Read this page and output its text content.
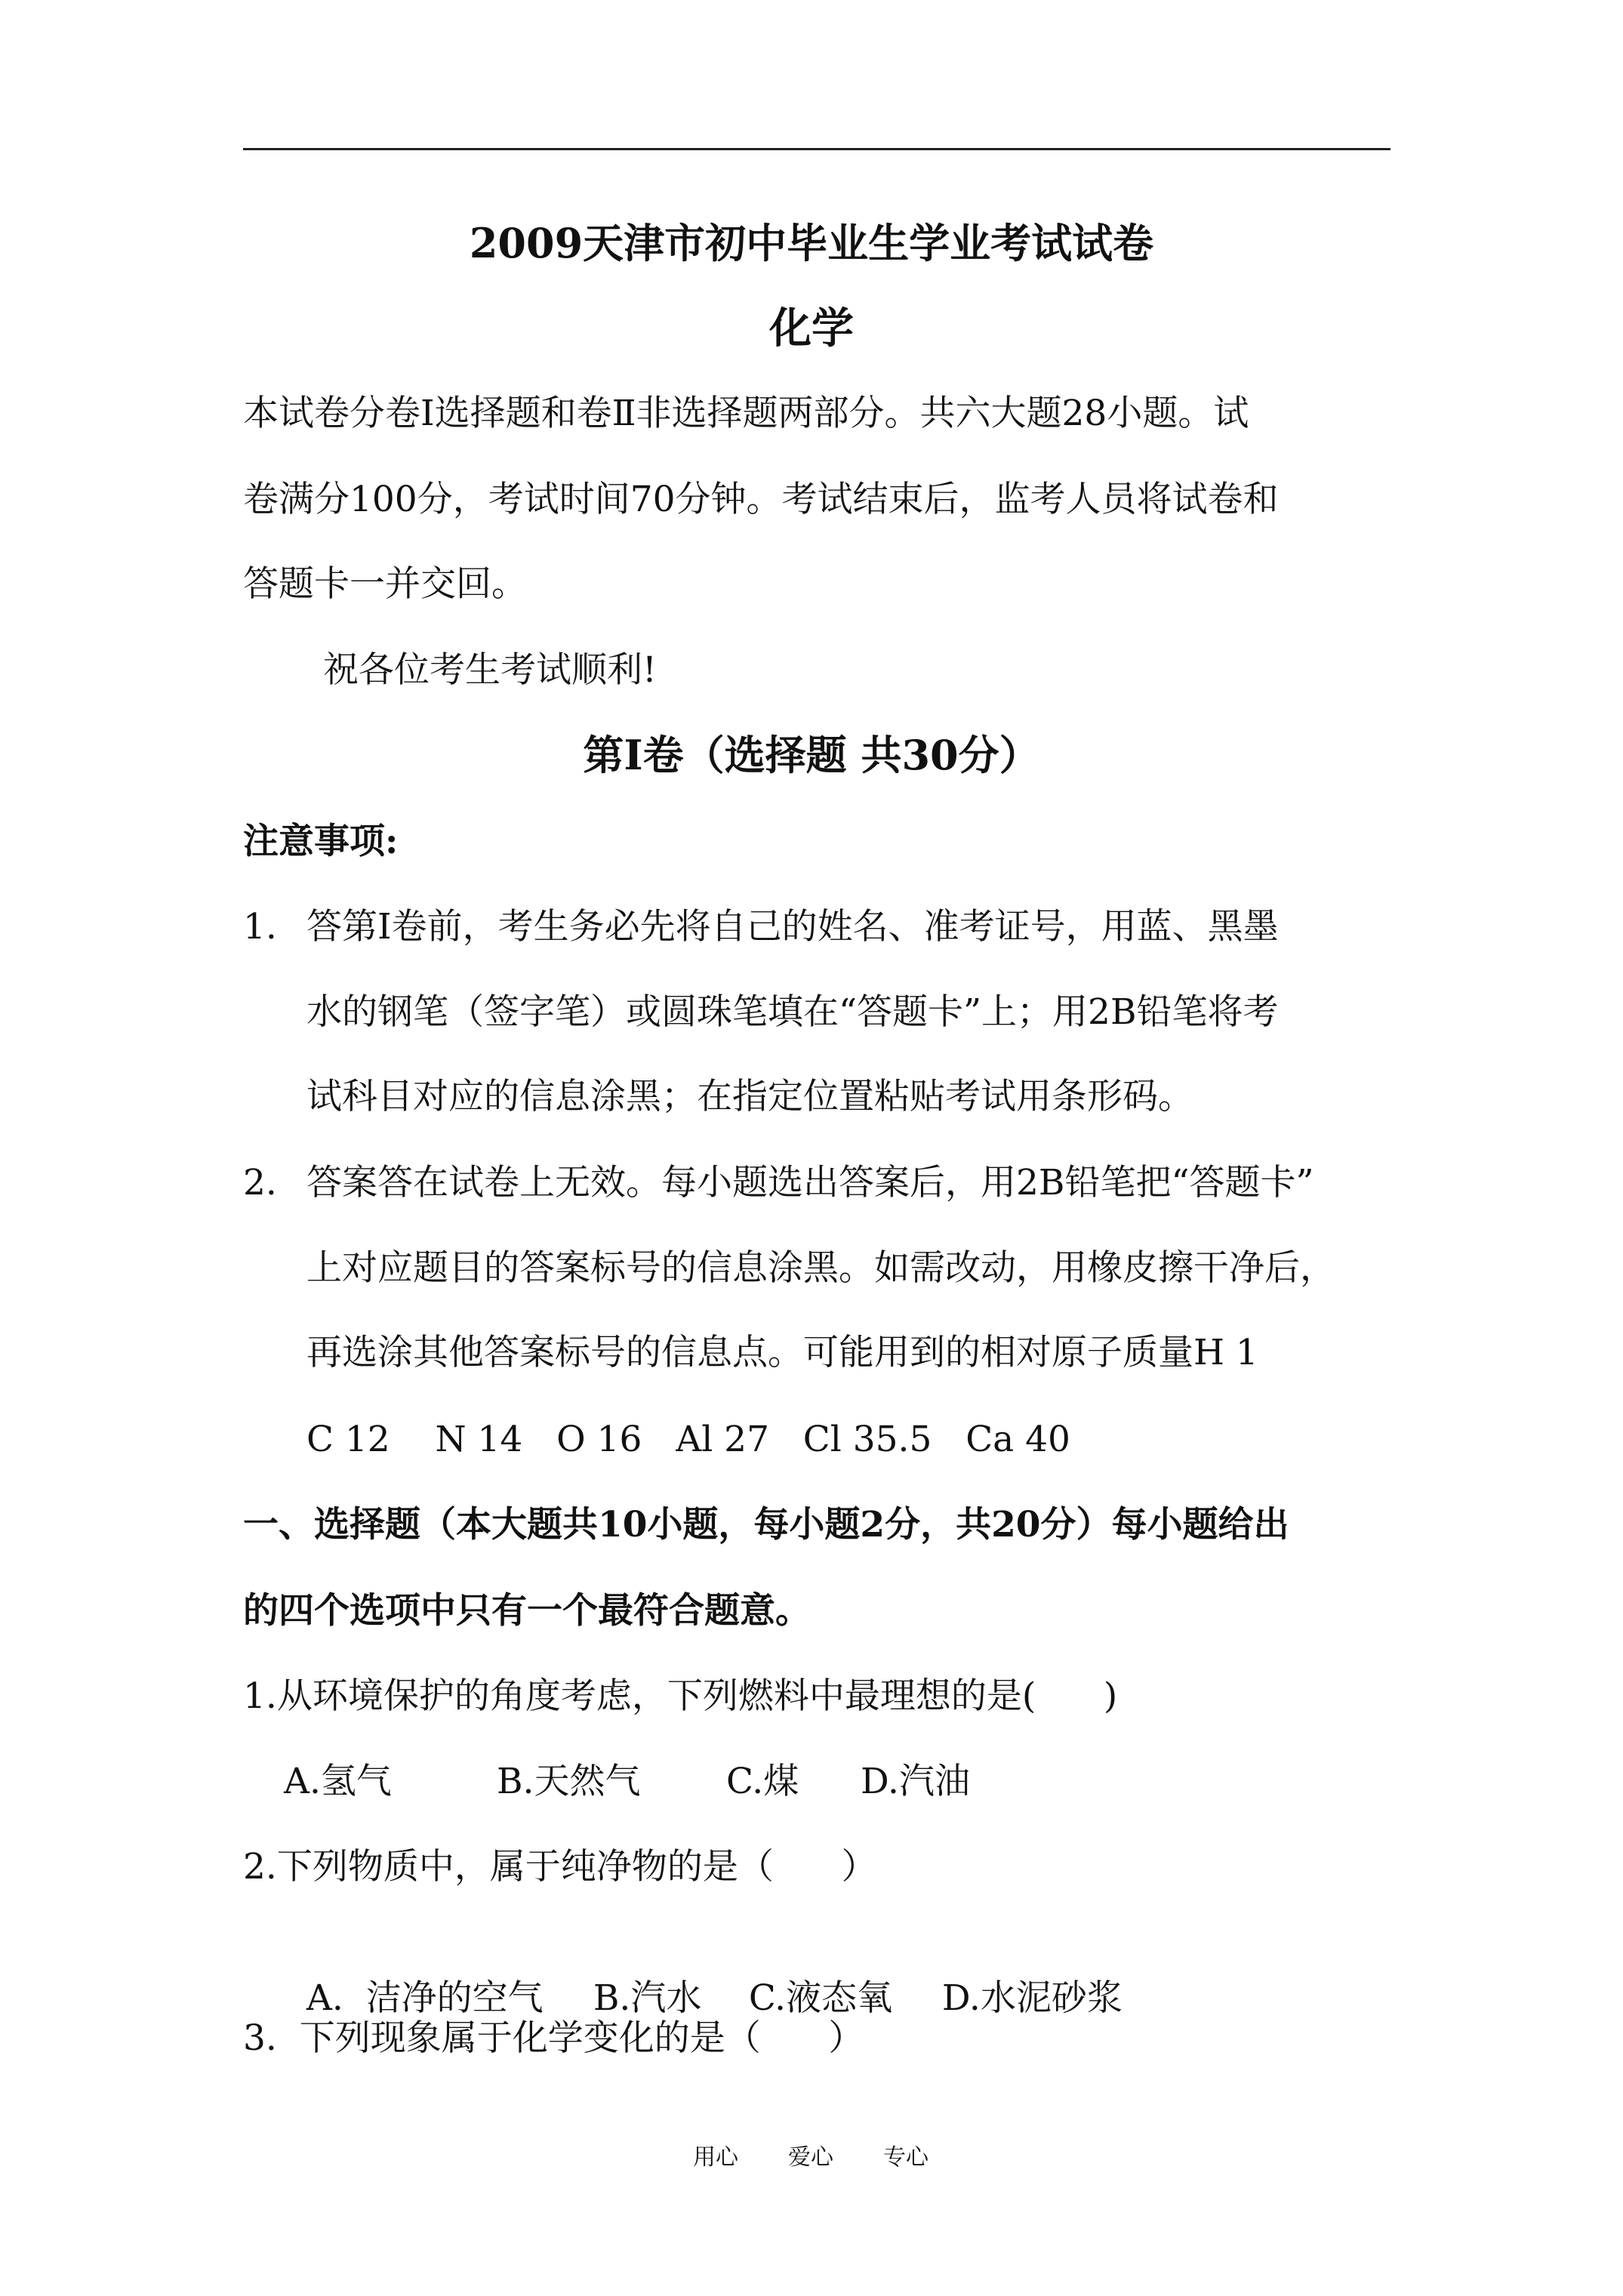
2009天津市初中毕业生学业考试试卷
化学
本试卷分卷Ⅰ选择题和卷Ⅱ非选择题两部分。共六大题28小题。试
卷满分100分，考试时间70分钟。考试结束后，监考人员将试卷和
答题卡一并交回。
祝各位考生考试顺利!
第Ⅰ卷（选择题 共30分）
注意事项:
1. 答第Ⅰ卷前，考生务必先将自己的姓名、准考证号，用蓝、黑墨
水的钢笔（签字笔）或圆珠笔填在“答题卡”上；用2B铅笔将考
试科目对应的信息涂黑；在指定位置粘贴考试用条形码。
2. 答案答在试卷上无效。每小题选出答案后，用2B铅笔把“答题卡”
上对应题目的答案标号的信息涂黑。如需改动，用橡皮擦干净后，
再选涂其他答案标号的信息点。可能用到的相对原子质量H 1
C 12    N 14   O 16   Al 27   Cl 35.5   Ca 40
一、选择题（本大题共10小题，每小题2分，共20分）每小题给出
的四个选项中只有一个最符合题意。
1.从环境保护的角度考虑，下列燃料中最理想的是(      )
A.氢气	B.天然气 C.煤 D.汽油
2.下列物质中，属于纯净物的是（      ）

A.  洁净的空气 B.汽水 C.液态氧 D.水泥砂浆

3.  下列现象属于化学变化的是（      ）
用心 爱心 专心
